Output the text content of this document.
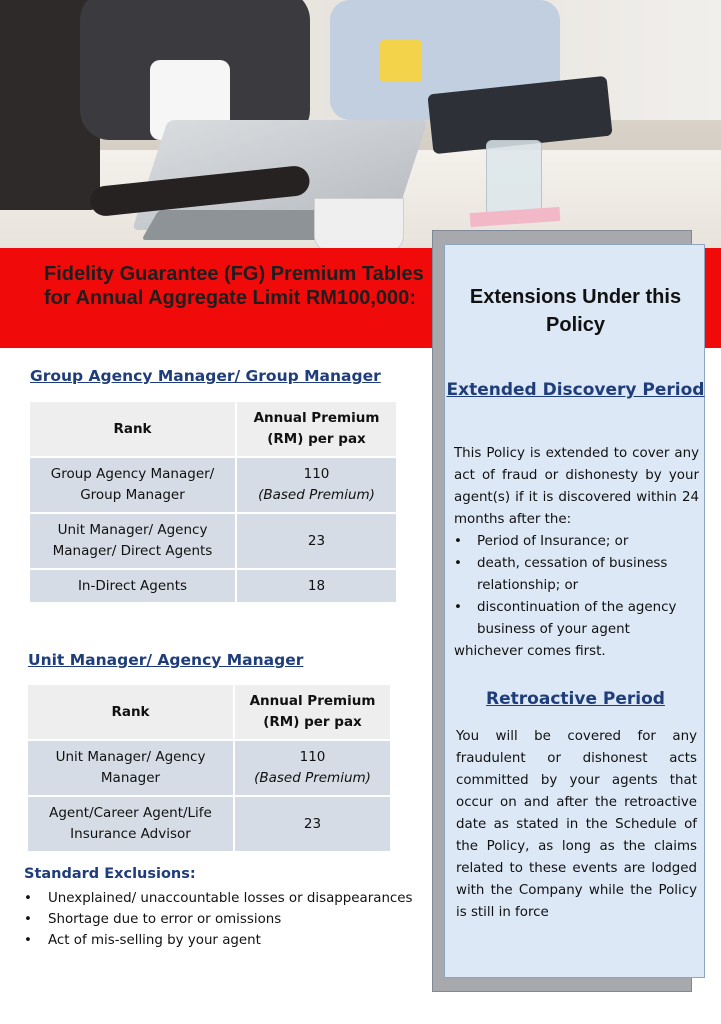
Fidelity Guarantee (FG) Premium Tables for Annual Aggregate Limit RM100,000:	Extensions Under this Policy
Extended Discovery Period

This Policy is extended to cover any act of fraud or dishonesty by your agent(s) if it is discovered within 24 months after the:

• Period of Insurance; or
• death, cessation of business relationship; or
• discontinuation of the agency business of your agent

whichever comes first.

Retroactive Period

You will be covered for any fraudulent or dishonest acts committed by your agents that occur on and after the retroactive date as stated in the Schedule of the Policy, as long as the claims related to these events are lodged with the Company while the Policy is still in force

Group Agency Manager/ Group Manager
Rank	Annual Premium (RM) per pax
Group Agency Manager/ Group Manager	110
(Based Premium)

Unit Manager/ Agency Manager/ Direct Agents	23
In-Direct Agents	18
Unit Manager/ Agency Manager
Rank	Annual Premium (RM) per pax
Unit Manager/ Agency Manager	110
(Based Premium)

Agent/Career Agent/Life Insurance Advisor	23
Standard Exclusions:
• Unexplained/ unaccountable losses or disappearances
• Shortage due to error or omissions
• Act of mis-selling by your agent
